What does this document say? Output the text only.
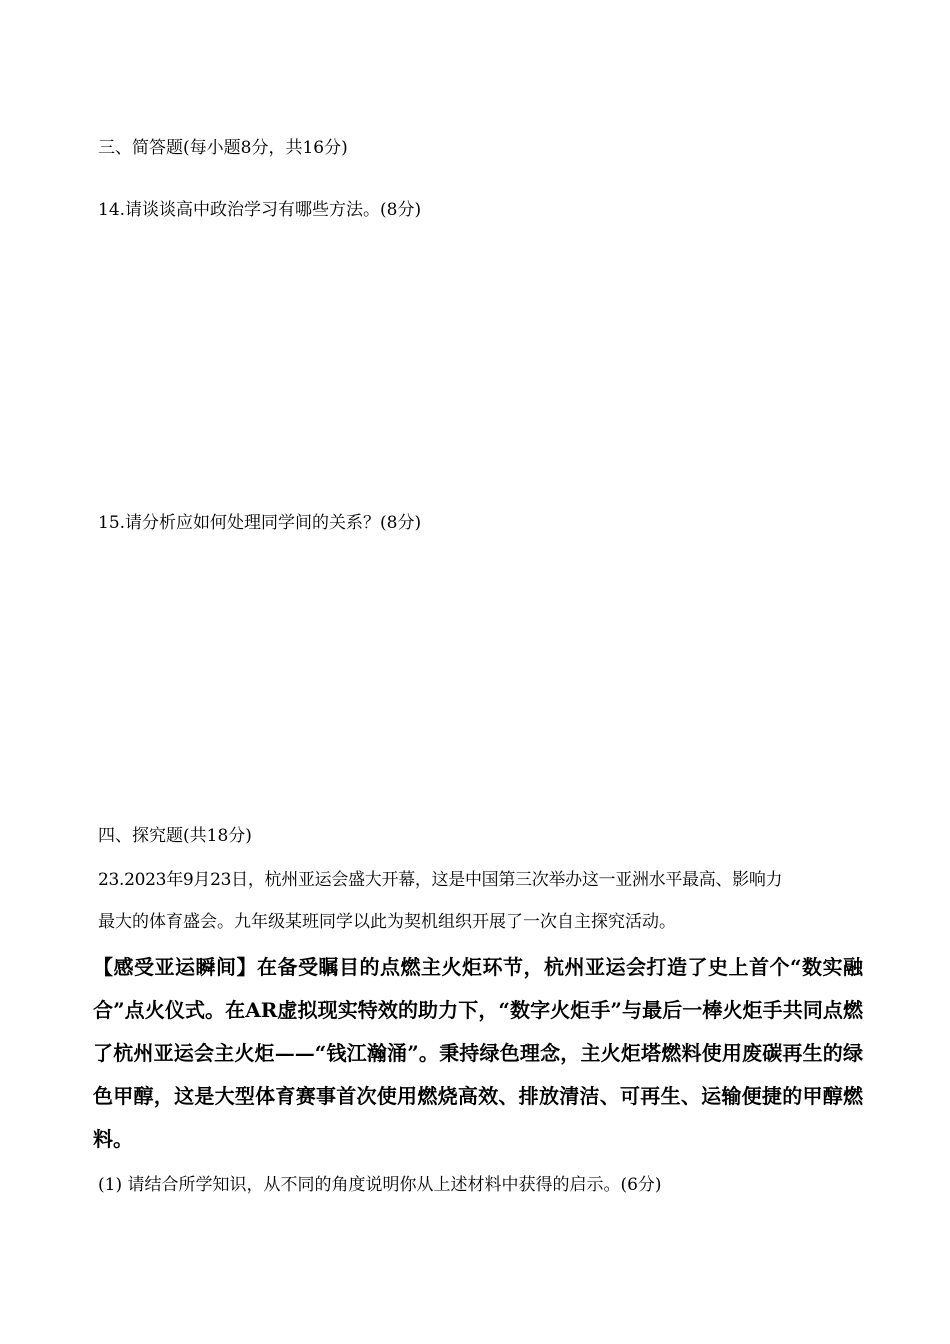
三、简答题(每小题8分，共16分)
14.请谈谈高中政治学习有哪些方法。(8分)
15.请分析应如何处理同学间的关系？(8分)
四、探究题(共18分)
23.2023年9月23日，杭州亚运会盛大开幕，这是中国第三次举办这一亚洲水平最高、影响力
最大的体育盛会。九年级某班同学以此为契机组织开展了一次自主探究活动。

【感受亚运瞬间】在备受瞩目的点燃主火炬环节，杭州亚运会打造了史上首个“数实融合”点火仪式。在AR虚拟现实特效的助力下，“数字火炬手”与最后一棒火炬手共同点燃了杭州亚运会主火炬——“钱江瀚涌”。秉持绿色理念，主火炬塔燃料使用废碳再生的绿色甲醇，这是大型体育赛事首次使用燃烧高效、排放清洁、可再生、运输便捷的甲醇燃料。

(1) 请结合所学知识，从不同的角度说明你从上述材料中获得的启示。(6分)
